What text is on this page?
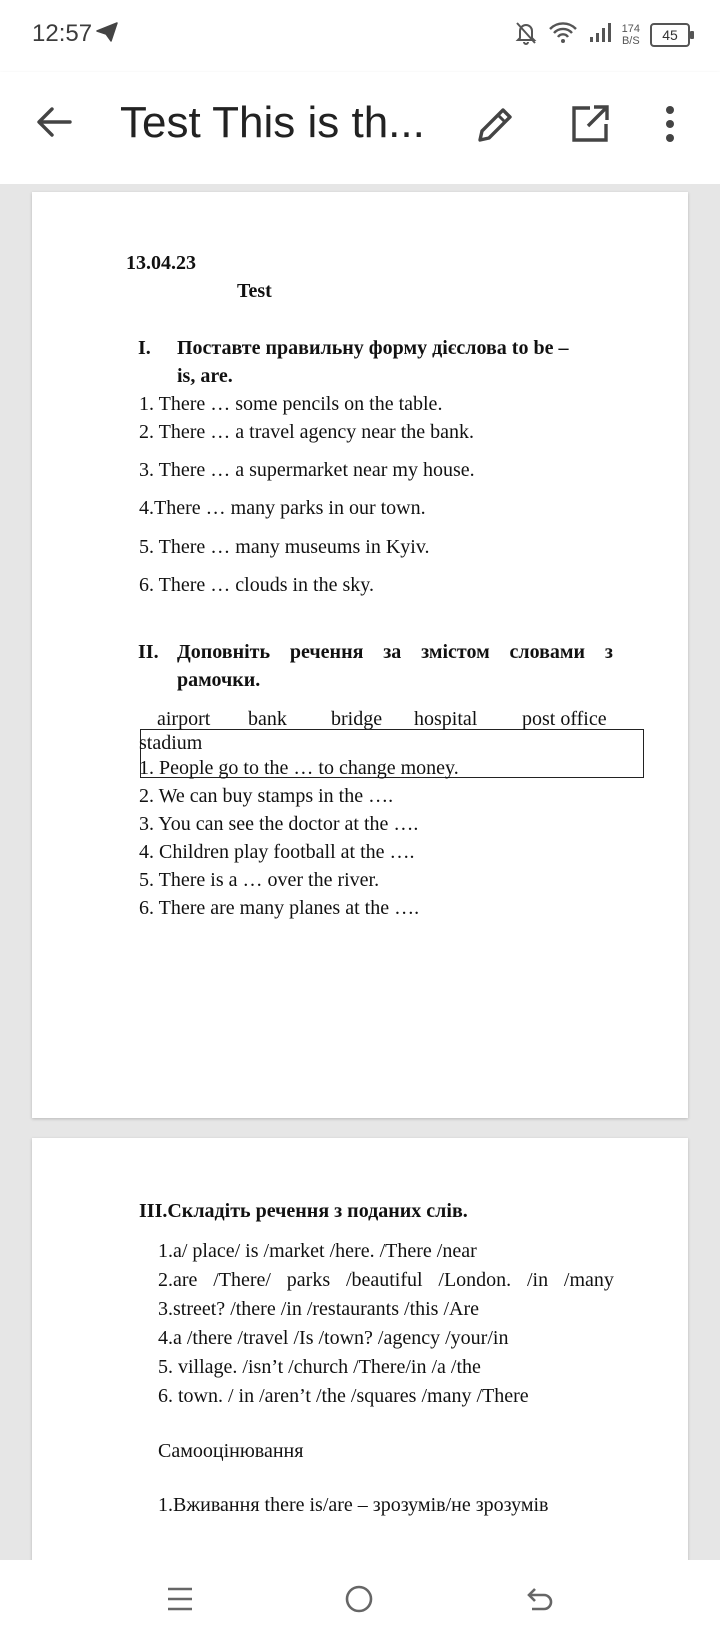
12:57	174
B/S	45
Test This is th...
13.04.23
Test
I. Поставте правильну форму дієслова to be –
is, are.
1. There … some pencils on the table.
2. There … a travel agency near the bank.
3. There … a supermarket near my house.
4.There … many parks in our town.
5. There … many museums in Kyiv.
6. There … clouds in the sky.
II. Доповніть речення за змістом словами з
рамочки.
airport bank bridge hospital post office
stadium
1. People go to the … to change money.
2. We can buy stamps in the ….
3. You can see the doctor at the ….
4. Children play football at the ….
5. There is a … over the river.
6. There are many planes at the ….
ІІІ.Складіть речення з поданих слів.
1.a/ place/ is /market /here. /There /near
2.are /There/ parks /beautiful /London. /in /many
3.street? /there /in /restaurants /this /Are
4.a /there /travel /Is /town? /agency /your/in
5. village. /isn’t /church /There/in /a /the
6. town. / in /aren’t /the /squares /many /There
Самооцінювання
1.Вживання there is/are – зрозумів/не зрозумів
